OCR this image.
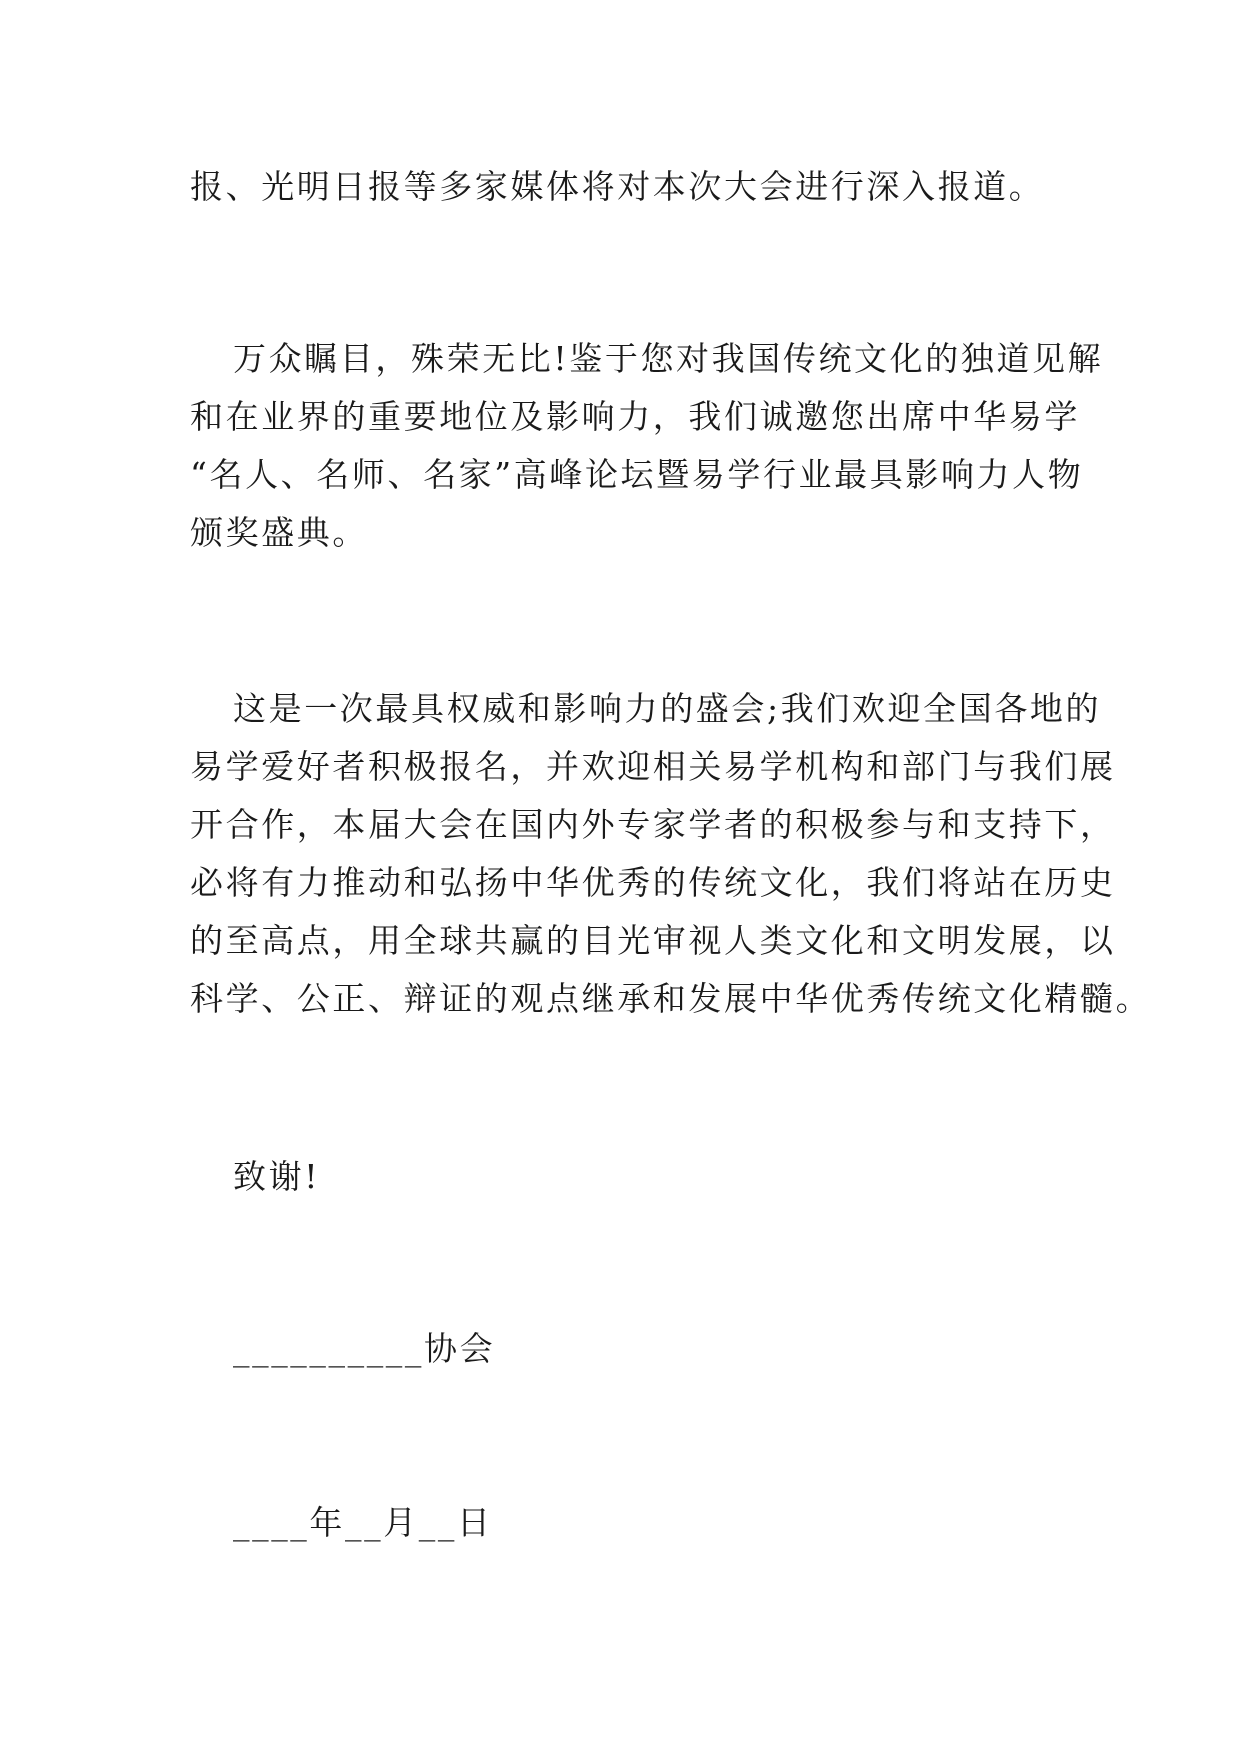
报、光明日报等多家媒体将对本次大会进行深入报道。
万众瞩目，殊荣无比!鉴于您对我国传统文化的独道见解
和在业界的重要地位及影响力，我们诚邀您出席中华易学
“名人、名师、名家”高峰论坛暨易学行业最具影响力人物
颁奖盛典。
这是一次最具权威和影响力的盛会;我们欢迎全国各地的
易学爱好者积极报名，并欢迎相关易学机构和部门与我们展
开合作，本届大会在国内外专家学者的积极参与和支持下，
必将有力推动和弘扬中华优秀的传统文化，我们将站在历史
的至高点，用全球共赢的目光审视人类文化和文明发展，以
科学、公正、辩证的观点继承和发展中华优秀传统文化精髓。
致谢!
__________协会
____年__月__日
